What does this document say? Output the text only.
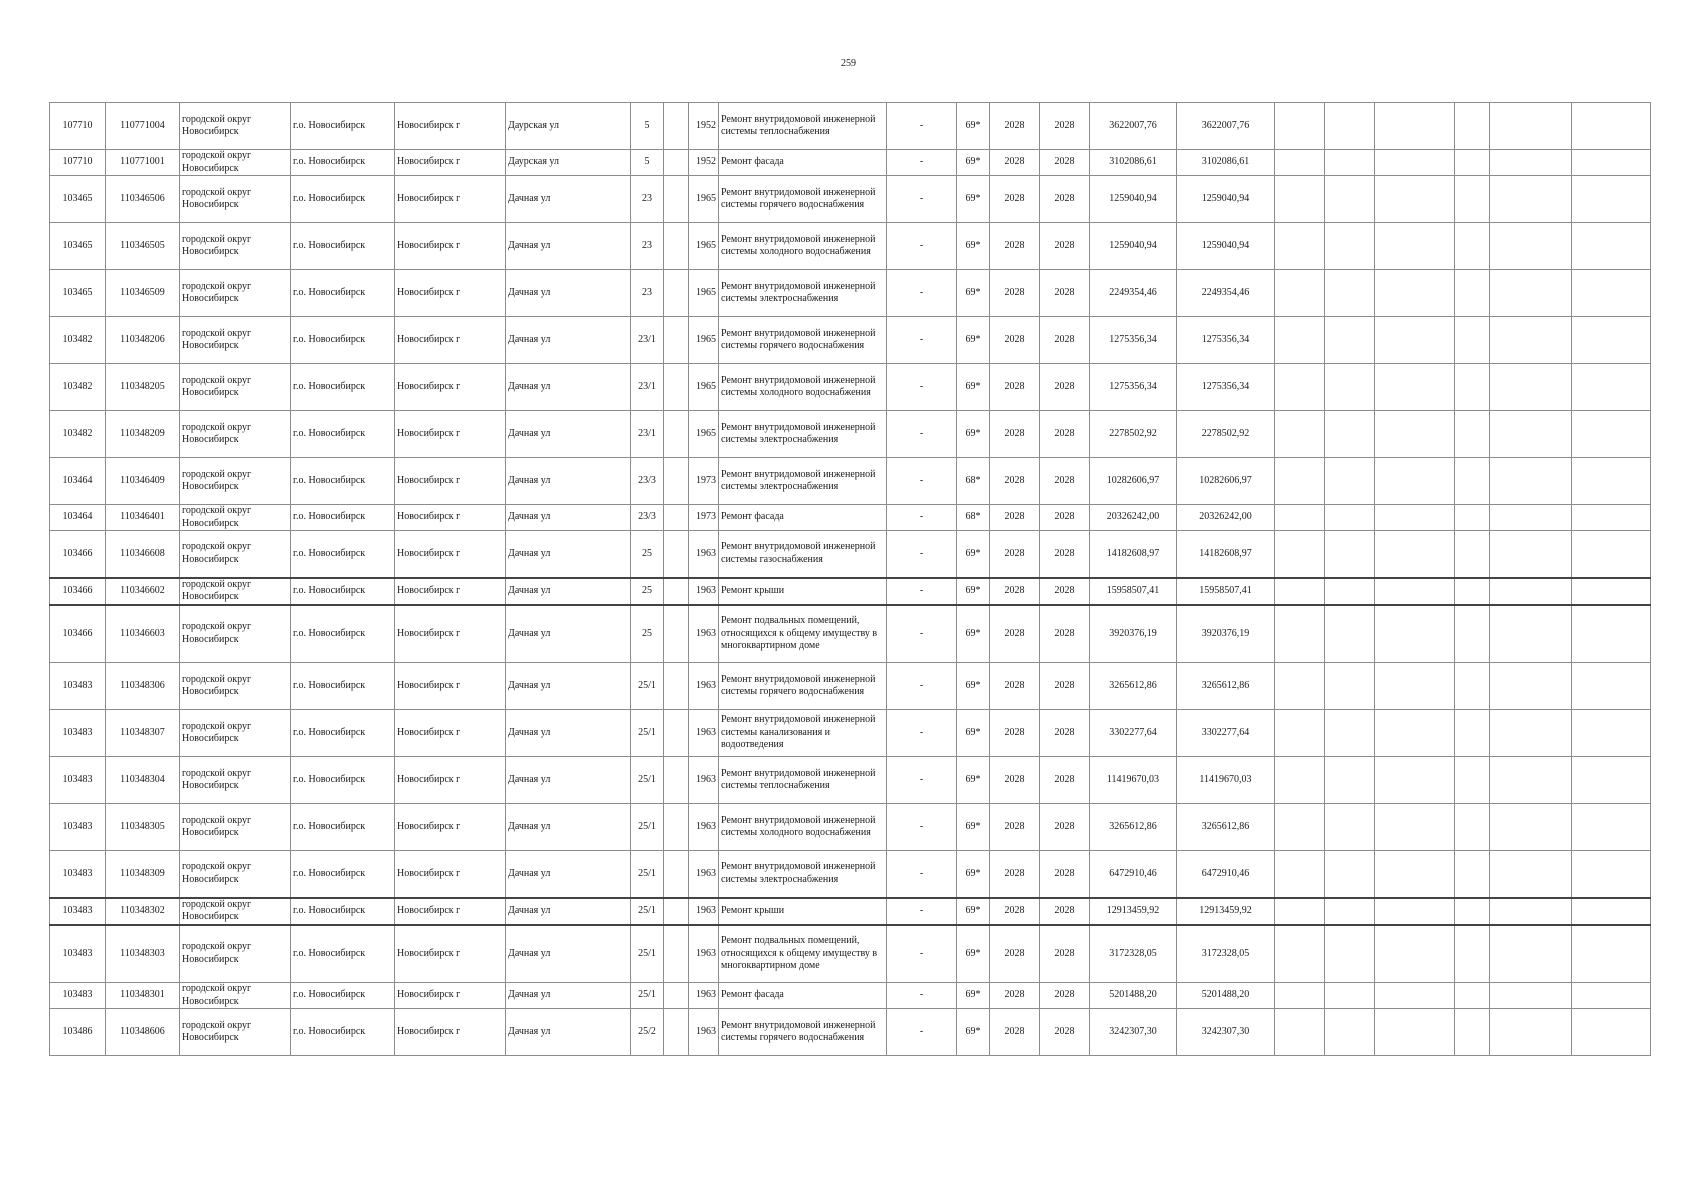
259
107710	110771004	городской округ Новосибирск	г.о. Новосибирск	Новосибирск г	Даурская ул	5		1952	Ремонт внутридомовой инженерной системы теплоснабжения	-	69*	2028	2028	3622007,76	3622007,76						
107710	110771001	городской округ Новосибирск	г.о. Новосибирск	Новосибирск г	Даурская ул	5		1952	Ремонт фасада	-	69*	2028	2028	3102086,61	3102086,61						
103465	110346506	городской округ Новосибирск	г.о. Новосибирск	Новосибирск г	Дачная ул	23		1965	Ремонт внутридомовой инженерной системы горячего водоснабжения	-	69*	2028	2028	1259040,94	1259040,94						
103465	110346505	городской округ Новосибирск	г.о. Новосибирск	Новосибирск г	Дачная ул	23		1965	Ремонт внутридомовой инженерной системы холодного водоснабжения	-	69*	2028	2028	1259040,94	1259040,94						
103465	110346509	городской округ Новосибирск	г.о. Новосибирск	Новосибирск г	Дачная ул	23		1965	Ремонт внутридомовой инженерной системы электроснабжения	-	69*	2028	2028	2249354,46	2249354,46						
103482	110348206	городской округ Новосибирск	г.о. Новосибирск	Новосибирск г	Дачная ул	23/1		1965	Ремонт внутридомовой инженерной системы горячего водоснабжения	-	69*	2028	2028	1275356,34	1275356,34						
103482	110348205	городской округ Новосибирск	г.о. Новосибирск	Новосибирск г	Дачная ул	23/1		1965	Ремонт внутридомовой инженерной системы холодного водоснабжения	-	69*	2028	2028	1275356,34	1275356,34						
103482	110348209	городской округ Новосибирск	г.о. Новосибирск	Новосибирск г	Дачная ул	23/1		1965	Ремонт внутридомовой инженерной системы электроснабжения	-	69*	2028	2028	2278502,92	2278502,92						
103464	110346409	городской округ Новосибирск	г.о. Новосибирск	Новосибирск г	Дачная ул	23/3		1973	Ремонт внутридомовой инженерной системы электроснабжения	-	68*	2028	2028	10282606,97	10282606,97						
103464	110346401	городской округ Новосибирск	г.о. Новосибирск	Новосибирск г	Дачная ул	23/3		1973	Ремонт фасада	-	68*	2028	2028	20326242,00	20326242,00						
103466	110346608	городской округ Новосибирск	г.о. Новосибирск	Новосибирск г	Дачная ул	25		1963	Ремонт внутридомовой инженерной системы газоснабжения	-	69*	2028	2028	14182608,97	14182608,97						
103466	110346602	городской округ Новосибирск	г.о. Новосибирск	Новосибирск г	Дачная ул	25		1963	Ремонт крыши	-	69*	2028	2028	15958507,41	15958507,41						
103466	110346603	городской округ Новосибирск	г.о. Новосибирск	Новосибирск г	Дачная ул	25		1963	Ремонт подвальных помещений, относящихся к общему имуществу в многоквартирном доме	-	69*	2028	2028	3920376,19	3920376,19						
103483	110348306	городской округ Новосибирск	г.о. Новосибирск	Новосибирск г	Дачная ул	25/1		1963	Ремонт внутридомовой инженерной системы горячего водоснабжения	-	69*	2028	2028	3265612,86	3265612,86						
103483	110348307	городской округ Новосибирск	г.о. Новосибирск	Новосибирск г	Дачная ул	25/1		1963	Ремонт внутридомовой инженерной системы канализования и водоотведения	-	69*	2028	2028	3302277,64	3302277,64						
103483	110348304	городской округ Новосибирск	г.о. Новосибирск	Новосибирск г	Дачная ул	25/1		1963	Ремонт внутридомовой инженерной системы теплоснабжения	-	69*	2028	2028	11419670,03	11419670,03						
103483	110348305	городской округ Новосибирск	г.о. Новосибирск	Новосибирск г	Дачная ул	25/1		1963	Ремонт внутридомовой инженерной системы холодного водоснабжения	-	69*	2028	2028	3265612,86	3265612,86						
103483	110348309	городской округ Новосибирск	г.о. Новосибирск	Новосибирск г	Дачная ул	25/1		1963	Ремонт внутридомовой инженерной системы электроснабжения	-	69*	2028	2028	6472910,46	6472910,46						
103483	110348302	городской округ Новосибирск	г.о. Новосибирск	Новосибирск г	Дачная ул	25/1		1963	Ремонт крыши	-	69*	2028	2028	12913459,92	12913459,92						
103483	110348303	городской округ Новосибирск	г.о. Новосибирск	Новосибирск г	Дачная ул	25/1		1963	Ремонт подвальных помещений, относящихся к общему имуществу в многоквартирном доме	-	69*	2028	2028	3172328,05	3172328,05						
103483	110348301	городской округ Новосибирск	г.о. Новосибирск	Новосибирск г	Дачная ул	25/1		1963	Ремонт фасада	-	69*	2028	2028	5201488,20	5201488,20						
103486	110348606	городской округ Новосибирск	г.о. Новосибирск	Новосибирск г	Дачная ул	25/2		1963	Ремонт внутридомовой инженерной системы горячего водоснабжения	-	69*	2028	2028	3242307,30	3242307,30						
